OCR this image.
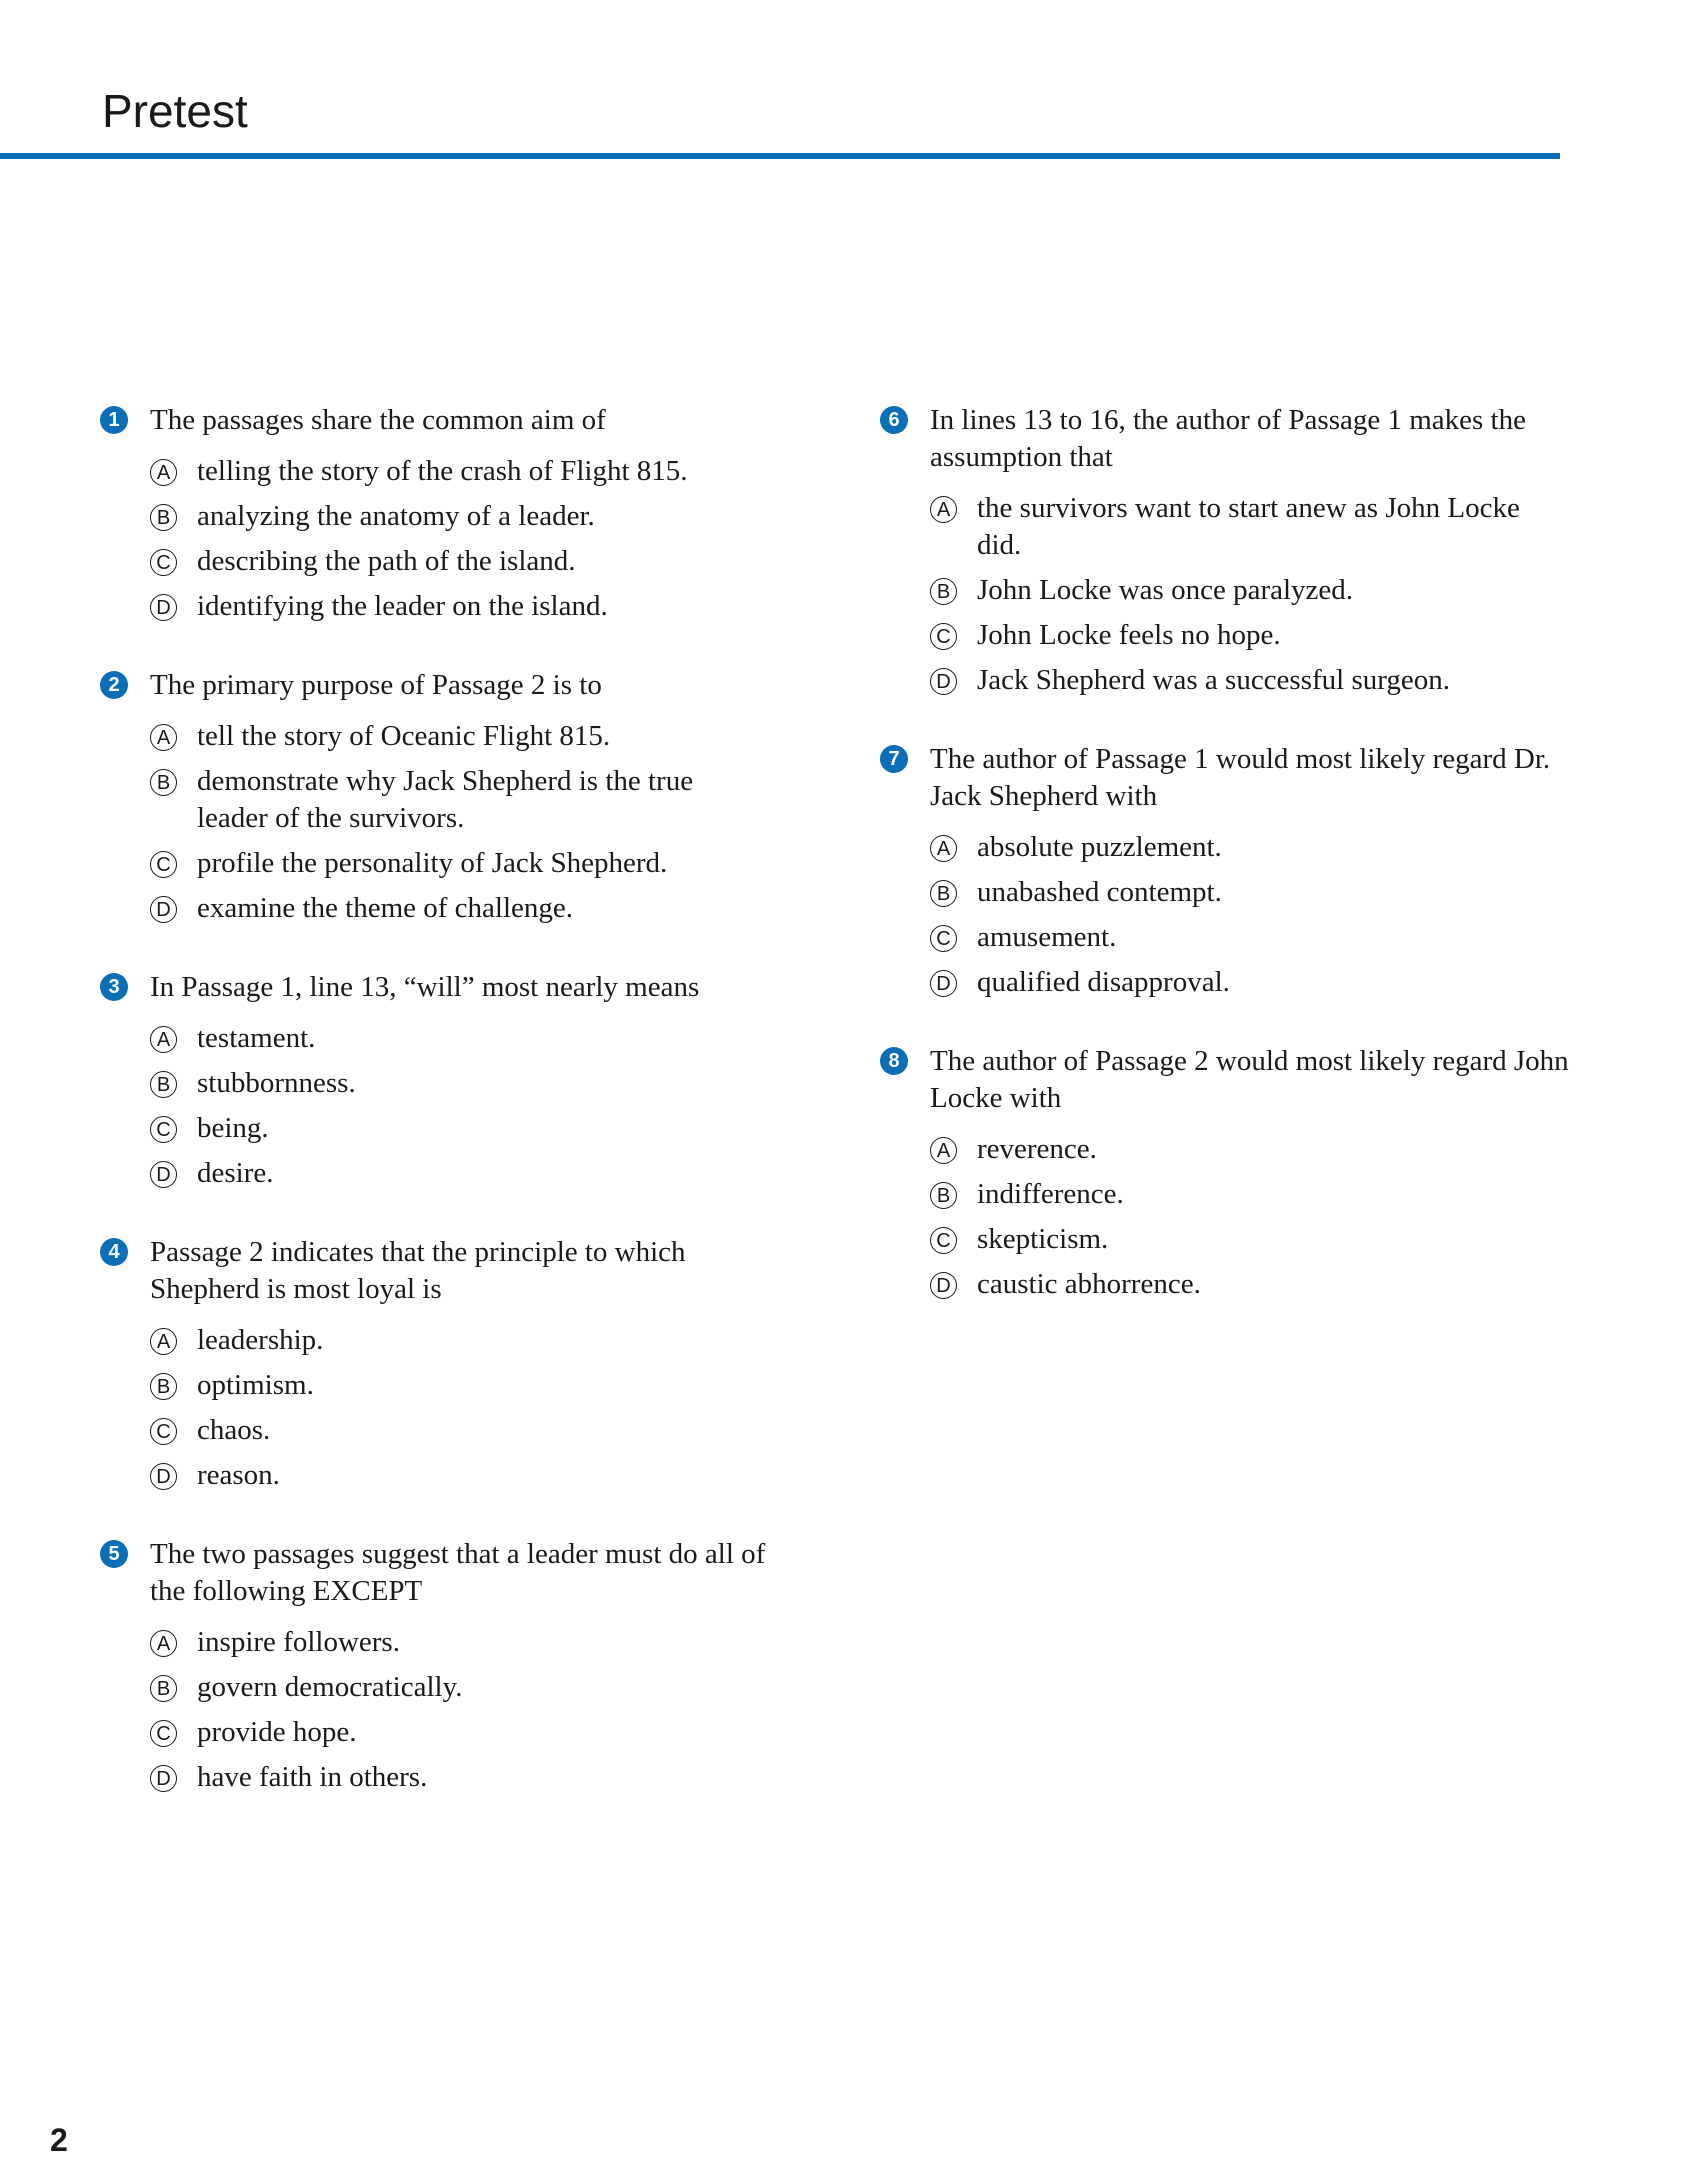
Pretest
1 The passages share the common aim of
A telling the story of the crash of Flight 815.
B analyzing the anatomy of a leader.
C describing the path of the island.
D identifying the leader on the island.
2 The primary purpose of Passage 2 is to
A tell the story of Oceanic Flight 815.
B demonstrate why Jack Shepherd is the true leader of the survivors.
C profile the personality of Jack Shepherd.
D examine the theme of challenge.
3 In Passage 1, line 13, “will” most nearly means
A testament.
B stubbornness.
C being.
D desire.
4 Passage 2 indicates that the principle to which Shepherd is most loyal is
A leadership.
B optimism.
C chaos.
D reason.
5 The two passages suggest that a leader must do all of the following EXCEPT
A inspire followers.
B govern democratically.
C provide hope.
D have faith in others.
6 In lines 13 to 16, the author of Passage 1 makes the assumption that
A the survivors want to start anew as John Locke did.
B John Locke was once paralyzed.
C John Locke feels no hope.
D Jack Shepherd was a successful surgeon.
7 The author of Passage 1 would most likely regard Dr. Jack Shepherd with
A absolute puzzlement.
B unabashed contempt.
C amusement.
D qualified disapproval.
8 The author of Passage 2 would most likely regard John Locke with
A reverence.
B indifference.
C skepticism.
D caustic abhorrence.
2
